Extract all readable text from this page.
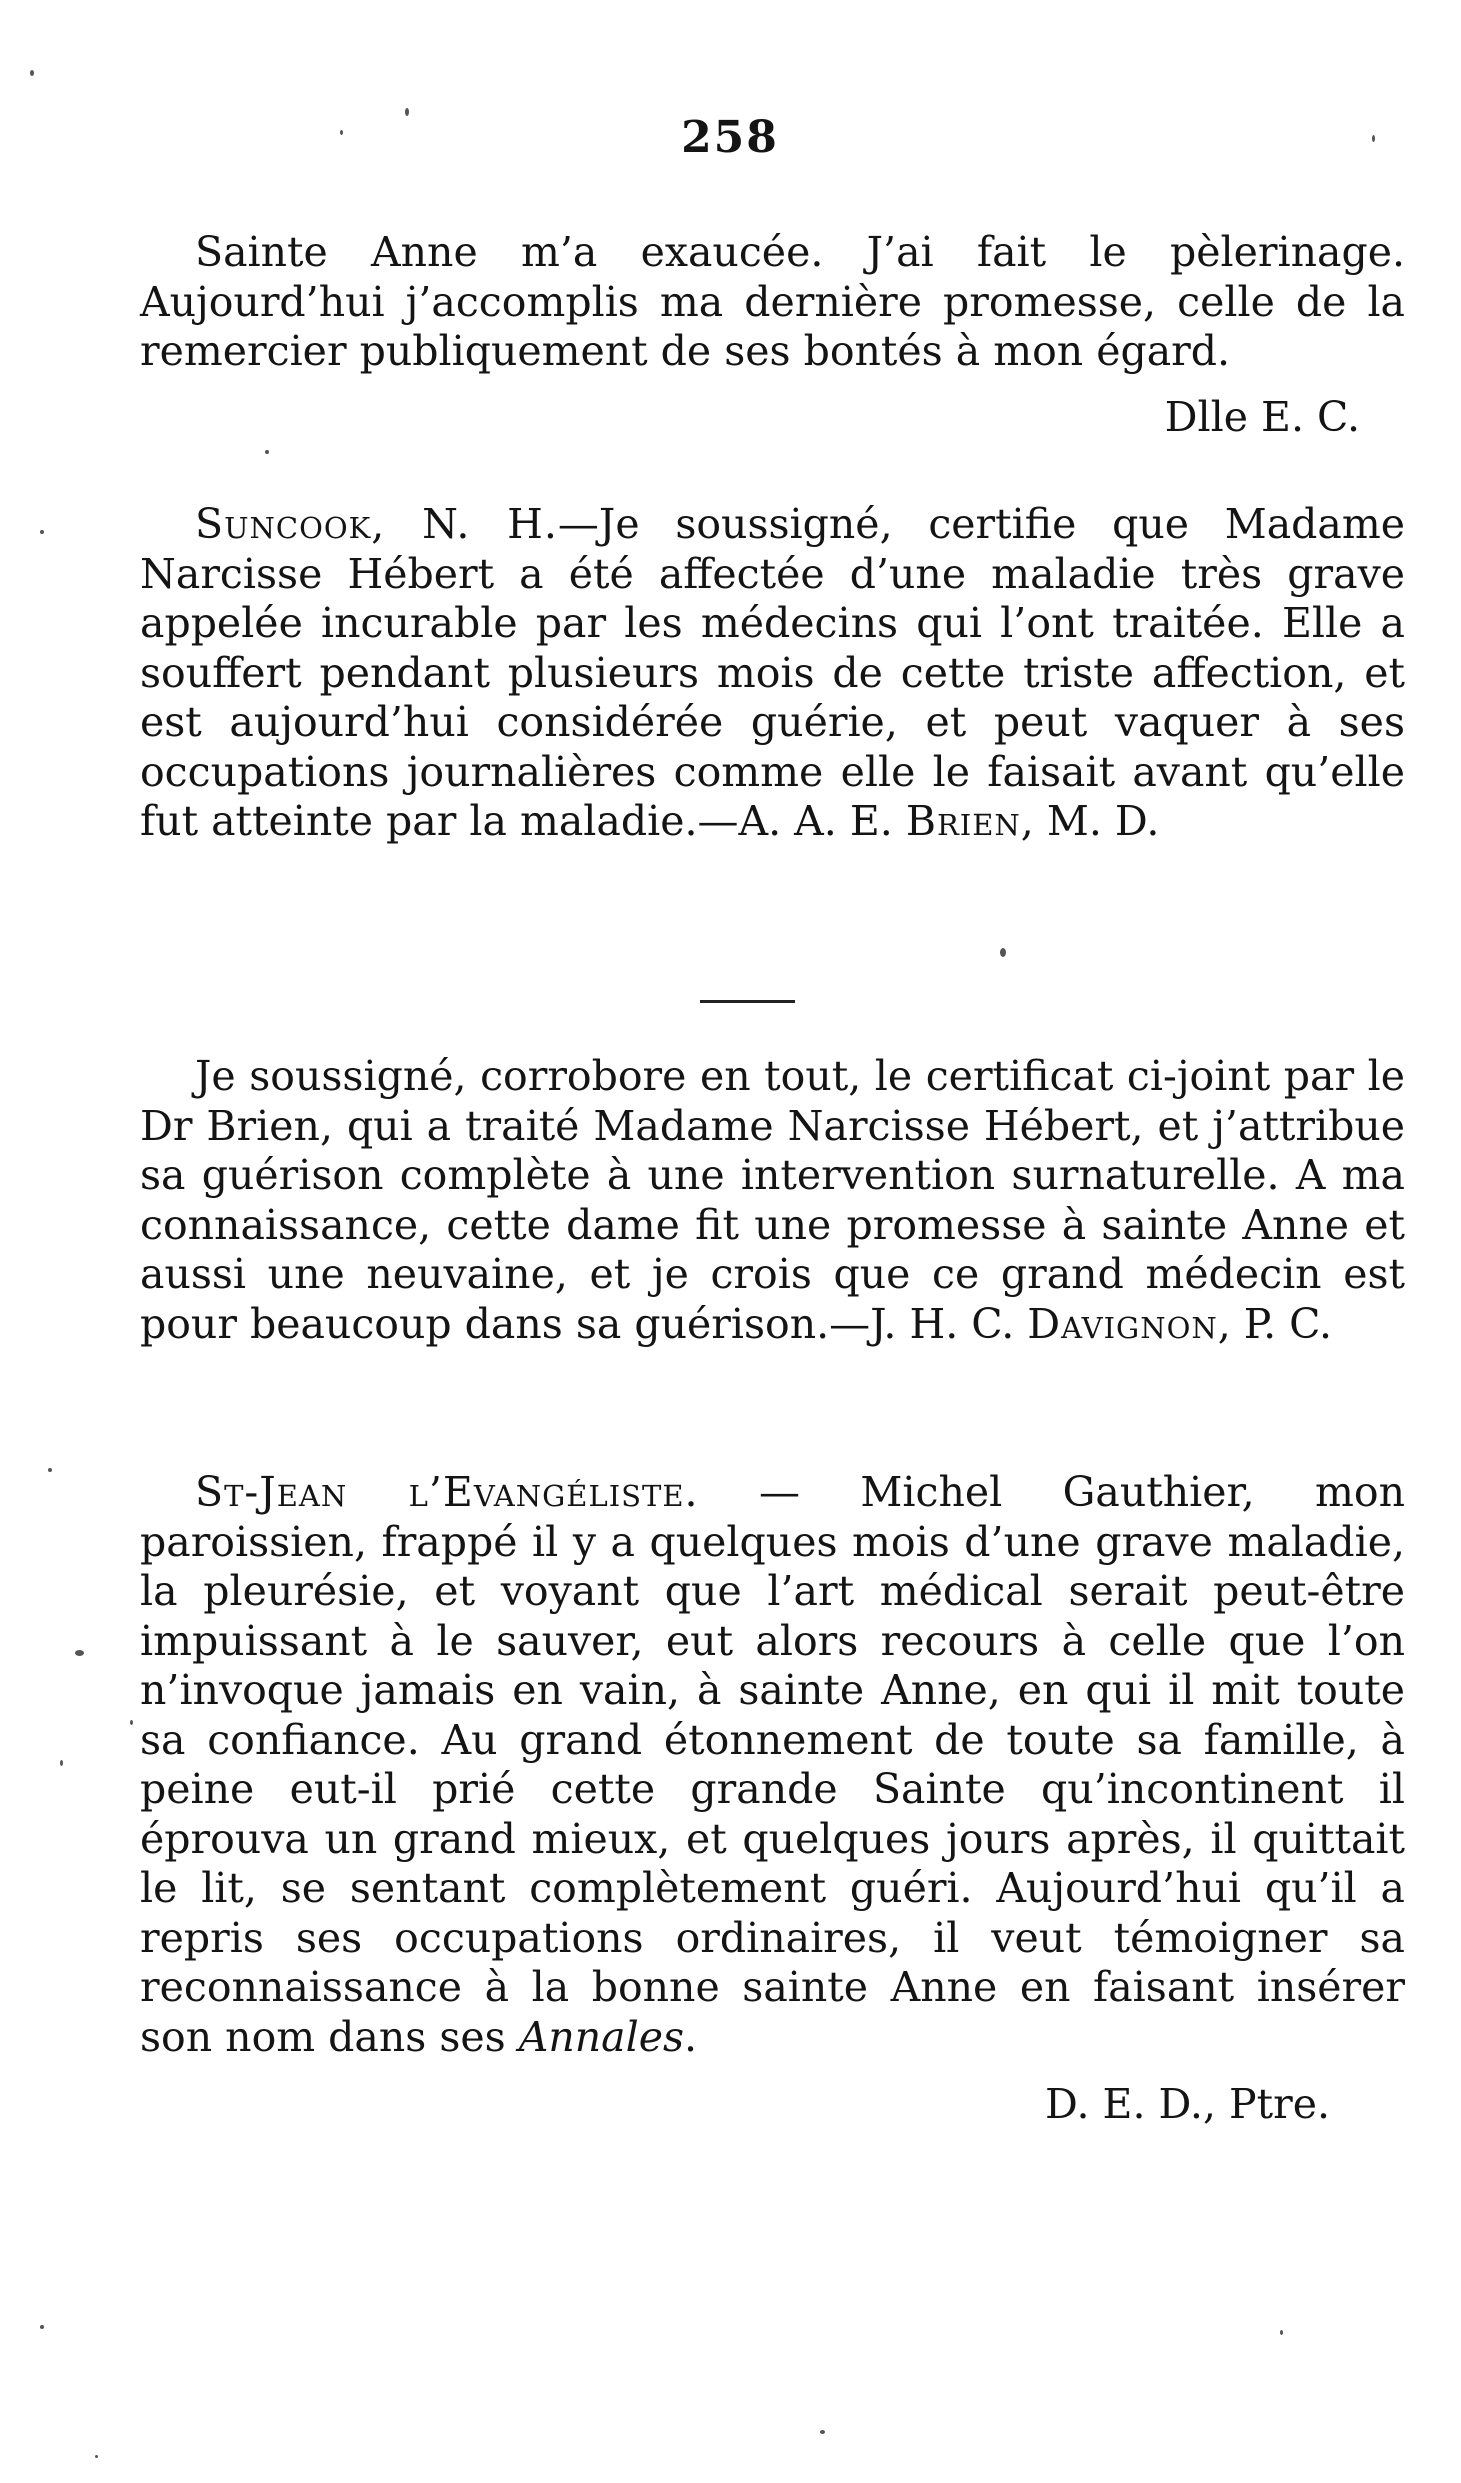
258

Sainte Anne m’a exaucée. J’ai fait le pèlerinage. Aujourd’hui j’accomplis ma dernière promesse, celle de la remercier publiquement de ses bontés à mon égard.

Dlle E. C.

Suncook, N. H.—Je soussigné, certifie que Madame Narcisse Hébert a été affectée d’une maladie très grave appelée incurable par les médecins qui l’ont traitée. Elle a souffert pendant plusieurs mois de cette triste affection, et est aujourd’hui considérée guérie, et peut vaquer à ses occupations journalières comme elle le faisait avant qu’elle fut atteinte par la maladie.—A. A. E. Brien, M. D.

Je soussigné, corrobore en tout, le certificat ci-joint par le Dr Brien, qui a traité Madame Narcisse Hébert, et j’attribue sa guérison complète à une intervention surnaturelle. A ma connaissance, cette dame fit une promesse à sainte Anne et aussi une neuvaine, et je crois que ce grand médecin est pour beaucoup dans sa guérison.—J. H. C. Davignon, P. C.

St-Jean l’Evangéliste. — Michel Gauthier, mon paroissien, frappé il y a quelques mois d’une grave maladie, la pleurésie, et voyant que l’art médical serait peut-être impuissant à le sauver, eut alors recours à celle que l’on n’invoque jamais en vain, à sainte Anne, en qui il mit toute sa confiance. Au grand étonnement de toute sa famille, à peine eut-il prié cette grande Sainte qu’incontinent il éprouva un grand mieux, et quelques jours après, il quittait le lit, se sentant complètement guéri. Aujourd’hui qu’il a repris ses occupations ordinaires, il veut témoigner sa reconnaissance à la bonne sainte Anne en faisant insérer son nom dans ses Annales.

D. E. D., Ptre.
